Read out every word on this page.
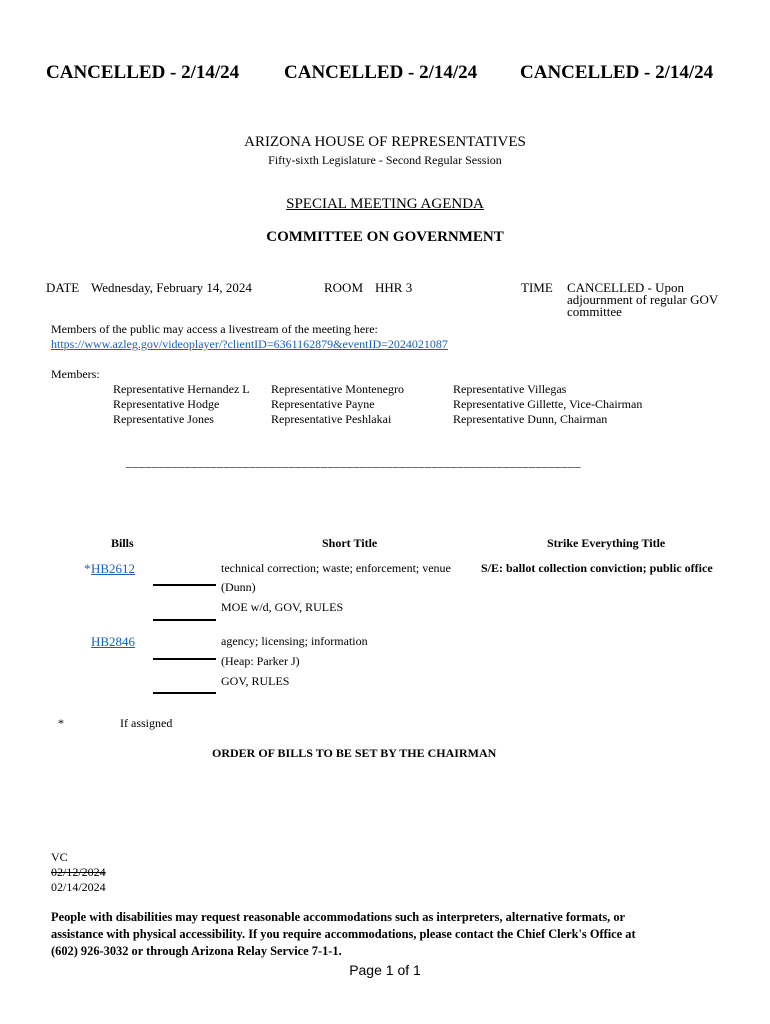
CANCELLED - 2/14/24 CANCELLED - 2/14/24 CANCELLED - 2/14/24
ARIZONA HOUSE OF REPRESENTATIVES
Fifty-sixth Legislature - Second Regular Session
SPECIAL MEETING AGENDA
COMMITTEE ON GOVERNMENT
DATE Wednesday, February 14, 2024	ROOM HHR 3	TIME CANCELLED - Upon
adjournment of regular GOV
committee
Members of the public may access a livestream of the meeting here:
https://www.azleg.gov/videoplayer/?clientID=6361162879&eventID=2024021087
Members:
Representative Hernandez L
Representative Hodge
Representative Jones
Representative Montenegro
Representative Payne
Representative Peshlakai
Representative Villegas
Representative Gillette, Vice-Chairman
Representative Dunn, Chairman
______________________________________________________________________
Bills	Short Title	Strike Everything Title
* HB2612	technical correction; waste; enforcement; venue	S/E: ballot collection conviction; public office
(Dunn)
MOE w/d, GOV, RULES
HB2846	agency; licensing; information
(Heap: Parker J)
GOV, RULES
*	If assigned
ORDER OF BILLS TO BE SET BY THE CHAIRMAN
VC
02/12/2024
02/14/2024
People with disabilities may request reasonable accommodations such as interpreters, alternative formats, or
assistance with physical accessibility. If you require accommodations, please contact the Chief Clerk's Office at
(602) 926-3032 or through Arizona Relay Service 7-1-1.
Page 1 of 1
